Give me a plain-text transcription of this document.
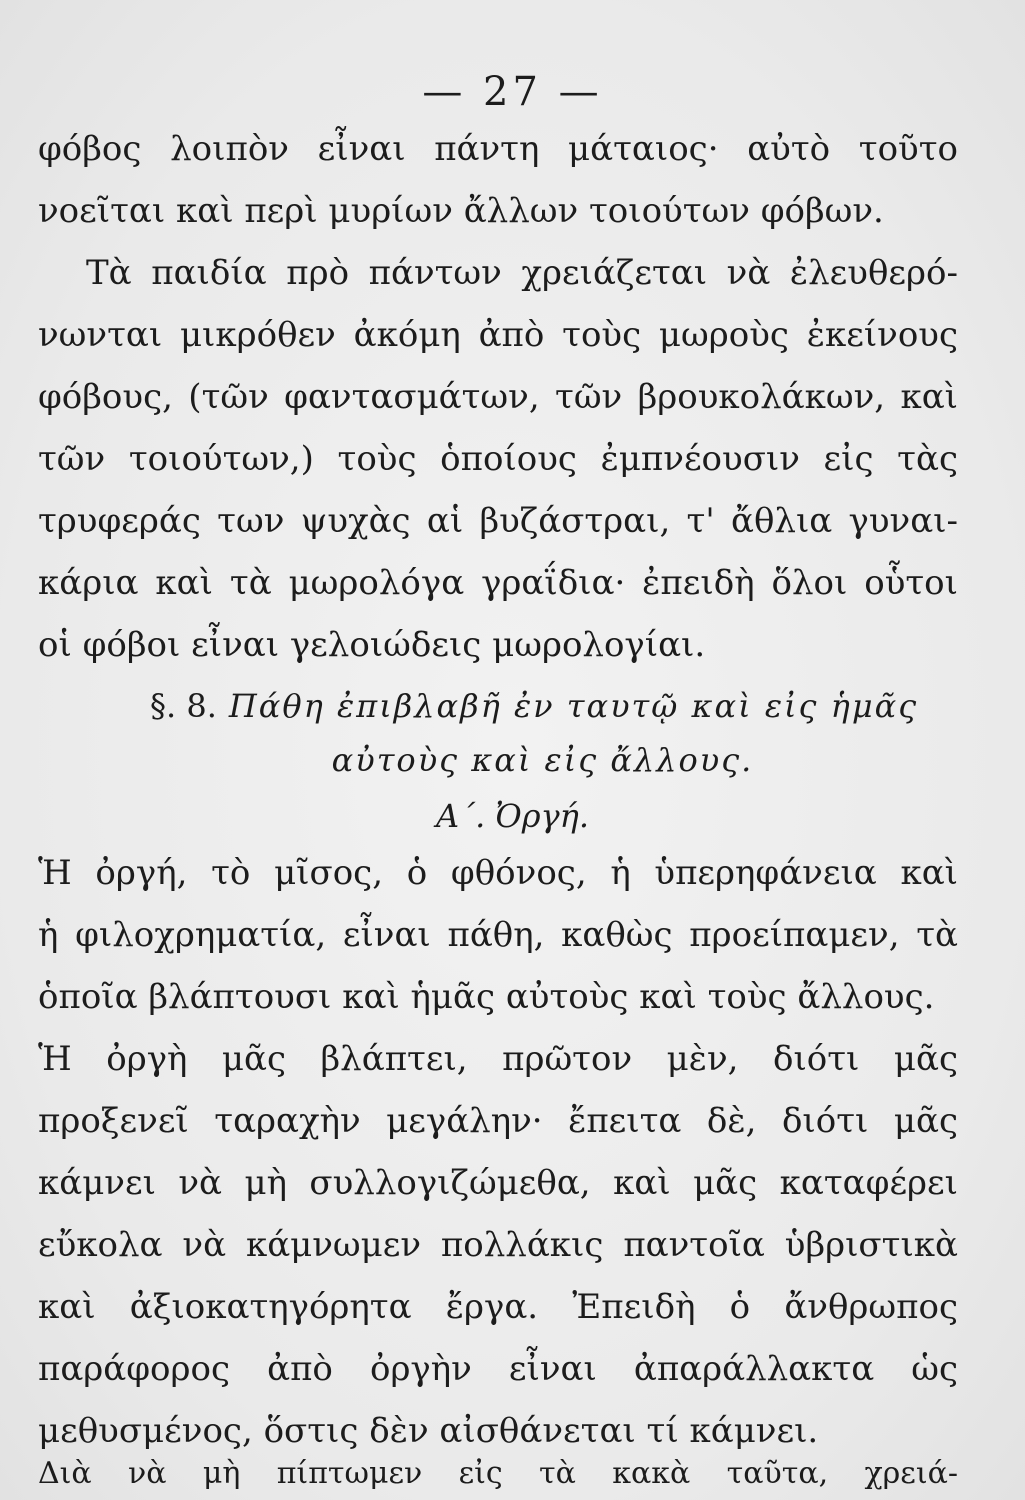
— 27 —
φόβος λοιπὸν εἶναι πάντη μάταιος· αὐτὸ τοῦτο
νοεῖται καὶ περὶ μυρίων ἄλλων τοιούτων φόβων.
Τὰ παιδία πρὸ πάντων χρειάζεται νὰ ἐλευθερό-
νωνται μικρόθεν ἀκόμη ἀπὸ τοὺς μωροὺς ἐκείνους
φόβους, (τῶν φαντασμάτων, τῶν βρουκολάκων, καὶ
τῶν τοιούτων,) τοὺς ὁποίους ἐμπνέουσιν εἰς τὰς
τρυφεράς των ψυχὰς αἱ βυζάστραι, τ' ἄθλια γυναι-
κάρια καὶ τὰ μωρολόγα γραΐδια· ἐπειδὴ ὅλοι οὗτοι
οἱ φόβοι εἶναι γελοιώδεις μωρολογίαι.
§. 8. Πάθη ἐπιβλαβῆ ἐν ταυτῷ καὶ εἰς ἡμᾶς
αὐτοὺς καὶ εἰς ἄλλους.
Α΄. Ὀργή.
Ἡ ὀργή, τὸ μῖσος, ὁ φθόνος, ἡ ὑπερηφάνεια καὶ
ἡ φιλοχρηματία, εἶναι πάθη, καθὼς προείπαμεν, τὰ
ὁποῖα βλάπτουσι καὶ ἡμᾶς αὐτοὺς καὶ τοὺς ἄλλους.
Ἡ ὀργὴ μᾶς βλάπτει, πρῶτον μὲν, διότι μᾶς
προξενεῖ ταραχὴν μεγάλην· ἔπειτα δὲ, διότι μᾶς
κάμνει νὰ μὴ συλλογιζώμεθα, καὶ μᾶς καταφέρει
εὔκολα νὰ κάμνωμεν πολλάκις παντοῖα ὑβριστικὰ
καὶ ἀξιοκατηγόρητα ἔργα. Ἐπειδὴ ὁ ἄνθρωπος
παράφορος ἀπὸ ὀργὴν εἶναι ἀπαράλλακτα ὡς
μεθυσμένος, ὅστις δὲν αἰσθάνεται τί κάμνει.
Διὰ νὰ μὴ πίπτωμεν εἰς τὰ κακὰ ταῦτα, χρειά-
